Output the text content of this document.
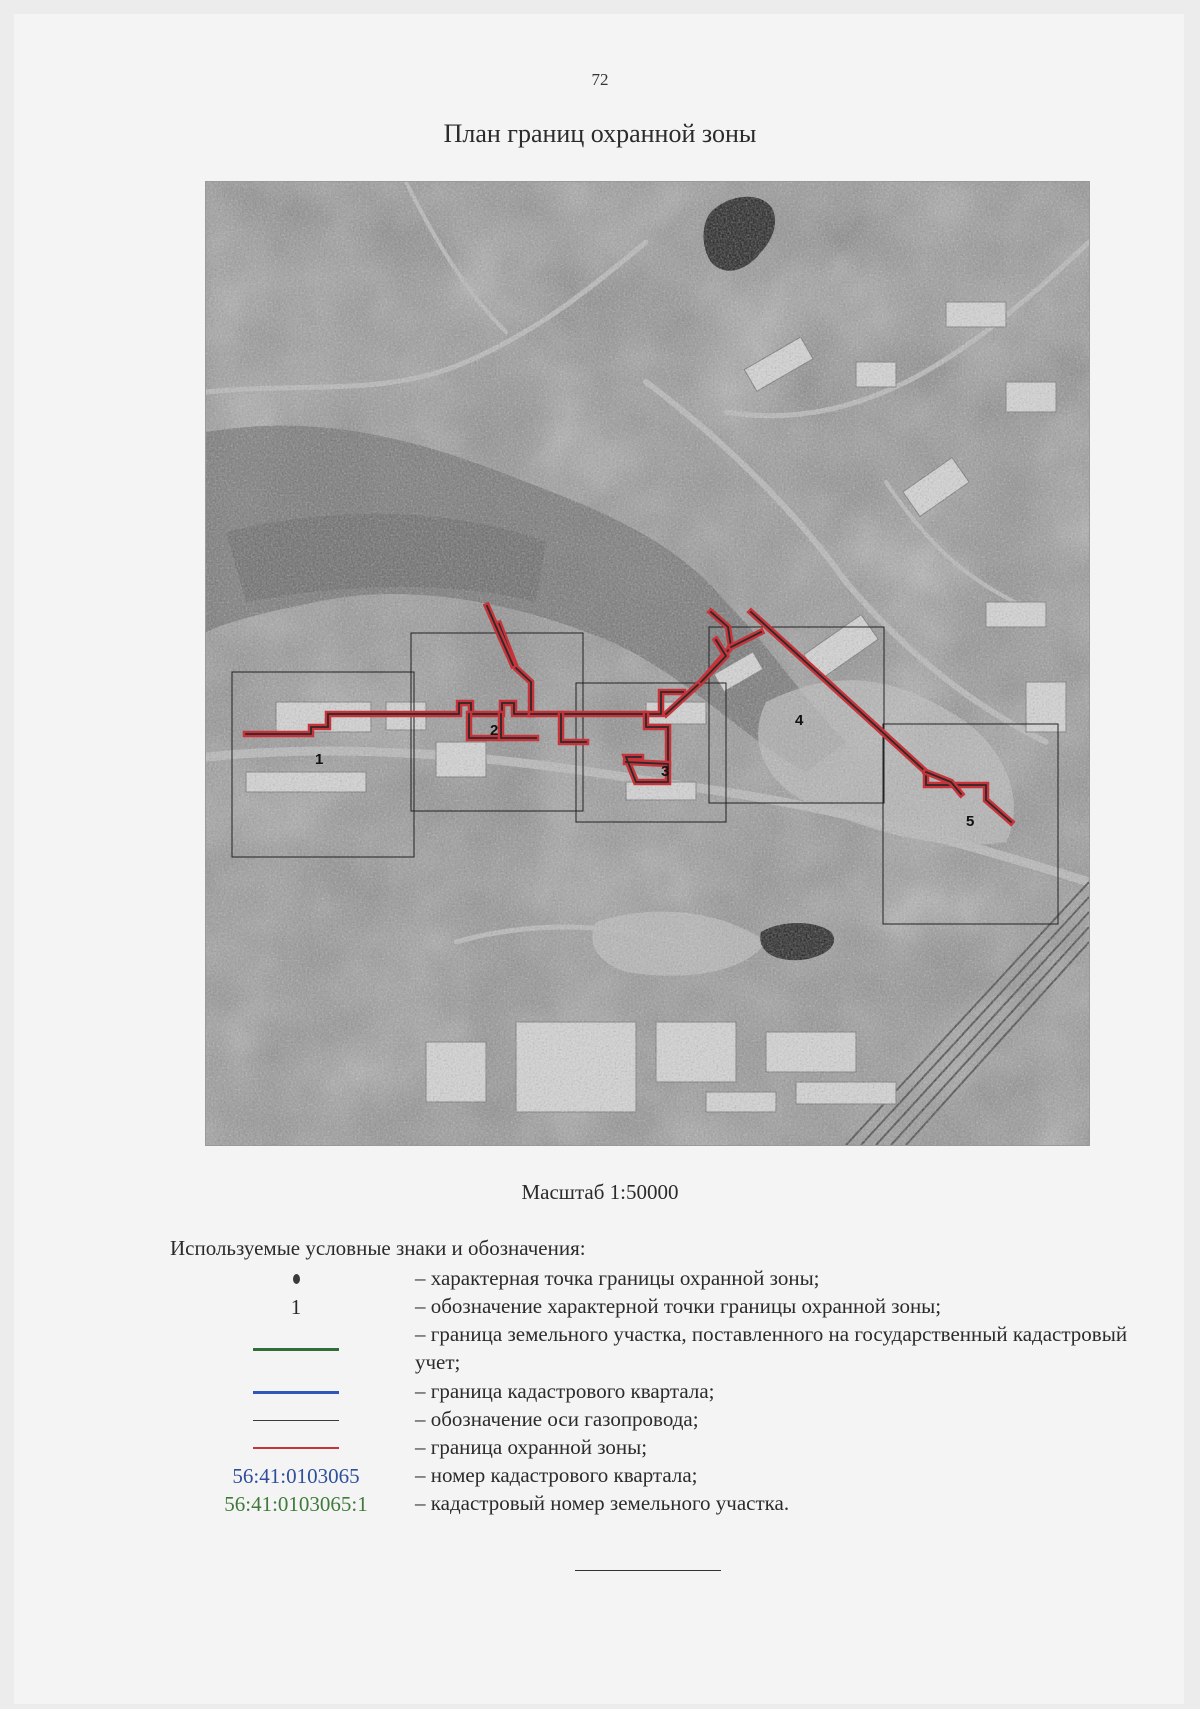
72
План границ охранной зоны
1
2
3
4
5
Масштаб 1:50000
Используемые условные знаки и обозначения:
– характерная точка границы охранной зоны;
1	– обозначение характерной точки границы охранной зоны;
– граница земельного участка, поставленного на государственный кадастровый учет;
– граница кадастрового квартала;
– обозначение оси газопровода;
– граница охранной зоны;
56:41:0103065	– номер кадастрового квартала;
56:41:0103065:1	– кадастровый номер земельного участка.
